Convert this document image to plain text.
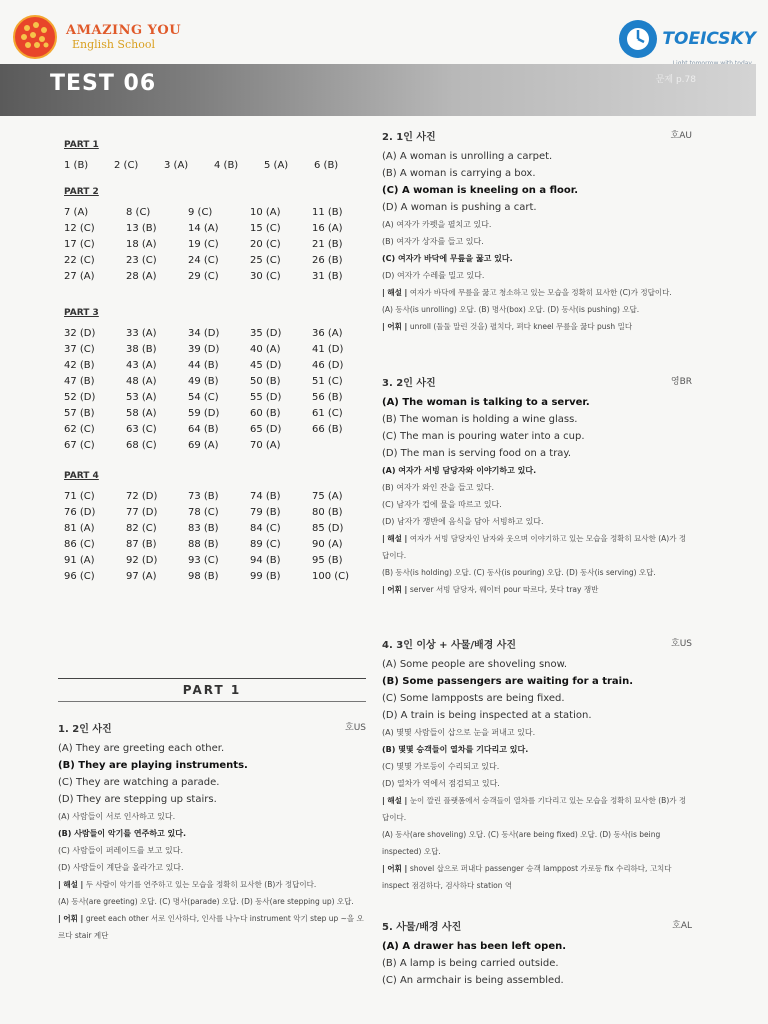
AMAZING YOU
English School	TOEICSKY
TEST 06	문제 p.78
PART 1
1 (B)	2 (C)	3 (A)	4 (B)	5 (A)	6 (B)
PART 2
7 (A)	8 (C)	9 (C)	10 (A)	11 (B)
12 (C)	13 (B)	14 (A)	15 (C)	16 (A)
17 (C)	18 (A)	19 (C)	20 (C)	21 (B)
22 (C)	23 (C)	24 (C)	25 (C)	26 (B)
27 (A)	28 (A)	29 (C)	30 (C)	31 (B)
PART 3
32 (D)	33 (A)	34 (D)	35 (D)	36 (A)
37 (C)	38 (B)	39 (D)	40 (A)	41 (D)
42 (B)	43 (A)	44 (B)	45 (D)	46 (D)
47 (B)	48 (A)	49 (B)	50 (B)	51 (C)
52 (D)	53 (A)	54 (C)	55 (D)	56 (B)
57 (B)	58 (A)	59 (D)	60 (B)	61 (C)
62 (C)	63 (C)	64 (B)	65 (D)	66 (B)
67 (C)	68 (C)	69 (A)	70 (A)
PART 4
71 (C)	72 (D)	73 (B)	74 (B)	75 (A)
76 (D)	77 (D)	78 (C)	79 (B)	80 (B)
81 (A)	82 (C)	83 (B)	84 (C)	85 (D)
86 (C)	87 (B)	88 (B)	89 (C)	90 (A)
91 (A)	92 (D)	93 (C)	94 (B)	95 (B)
96 (C)	97 (A)	98 (B)	99 (B)	100 (C)
PART 1
1. 2인 사진	호US
(A) They are greeting each other.
(B) They are playing instruments.
(C) They are watching a parade.
(D) They are stepping up stairs.
(A) 사람들이 서로 인사하고 있다.
(B) 사람들이 악기를 연주하고 있다.
(C) 사람들이 퍼레이드를 보고 있다.
(D) 사람들이 계단을 올라가고 있다.
| 해설 | 두 사람이 악기를 연주하고 있는 모습을 정확히 묘사한 (B)가 정답이다.
(A) 동사(are greeting) 오답. (C) 명사(parade) 오답. (D) 동사(are stepping up) 오답.
| 어휘 | greet each other 서로 인사하다, 인사를 나누다 instrument 악기 step up ~을 오르다 stair 계단
2. 1인 사진	호AU
(A) A woman is unrolling a carpet.
(B) A woman is carrying a box.
(C) A woman is kneeling on a floor.
(D) A woman is pushing a cart.
(A) 여자가 카펫을 펼치고 있다.
(B) 여자가 상자를 들고 있다.
(C) 여자가 바닥에 무릎을 꿇고 있다.
(D) 여자가 수레를 밀고 있다.
| 해설 | 여자가 바닥에 무릎을 꿇고 청소하고 있는 모습을 정확히 묘사한 (C)가 정답이다.
(A) 동사(is unrolling) 오답. (B) 명사(box) 오답. (D) 동사(is pushing) 오답.
| 어휘 | unroll (둘둘 말린 것을) 펼치다, 펴다 kneel 무릎을 꿇다 push 밀다
3. 2인 사진	영BR
(A) The woman is talking to a server.
(B) The woman is holding a wine glass.
(C) The man is pouring water into a cup.
(D) The man is serving food on a tray.
(A) 여자가 서빙 담당자와 이야기하고 있다.
(B) 여자가 와인 잔을 들고 있다.
(C) 남자가 컵에 물을 따르고 있다.
(D) 남자가 쟁반에 음식을 담아 서빙하고 있다.
| 해설 | 여자가 서빙 담당자인 남자와 웃으며 이야기하고 있는 모습을 정확히 묘사한 (A)가 정답이다.
(B) 동사(is holding) 오답. (C) 동사(is pouring) 오답. (D) 동사(is serving) 오답.
| 어휘 | server 서빙 담당자, 웨이터 pour 따르다, 붓다 tray 쟁반
4. 3인 이상 + 사물/배경 사진	호US
(A) Some people are shoveling snow.
(B) Some passengers are waiting for a train.
(C) Some lampposts are being fixed.
(D) A train is being inspected at a station.
(A) 몇몇 사람들이 삽으로 눈을 퍼내고 있다.
(B) 몇몇 승객들이 열차를 기다리고 있다.
(C) 몇몇 가로등이 수리되고 있다.
(D) 열차가 역에서 점검되고 있다.
| 해설 | 눈이 깔린 플랫폼에서 승객들이 열차를 기다리고 있는 모습을 정확히 묘사한 (B)가 정답이다.
(A) 동사(are shoveling) 오답. (C) 동사(are being fixed) 오답. (D) 동사(is being inspected) 오답.
| 어휘 | shovel 삽으로 퍼내다 passenger 승객 lamppost 가로등 fix 수리하다, 고치다 inspect 점검하다, 검사하다 station 역
5. 사물/배경 사진	호AL
(A) A drawer has been left open.
(B) A lamp is being carried outside.
(C) An armchair is being assembled.
